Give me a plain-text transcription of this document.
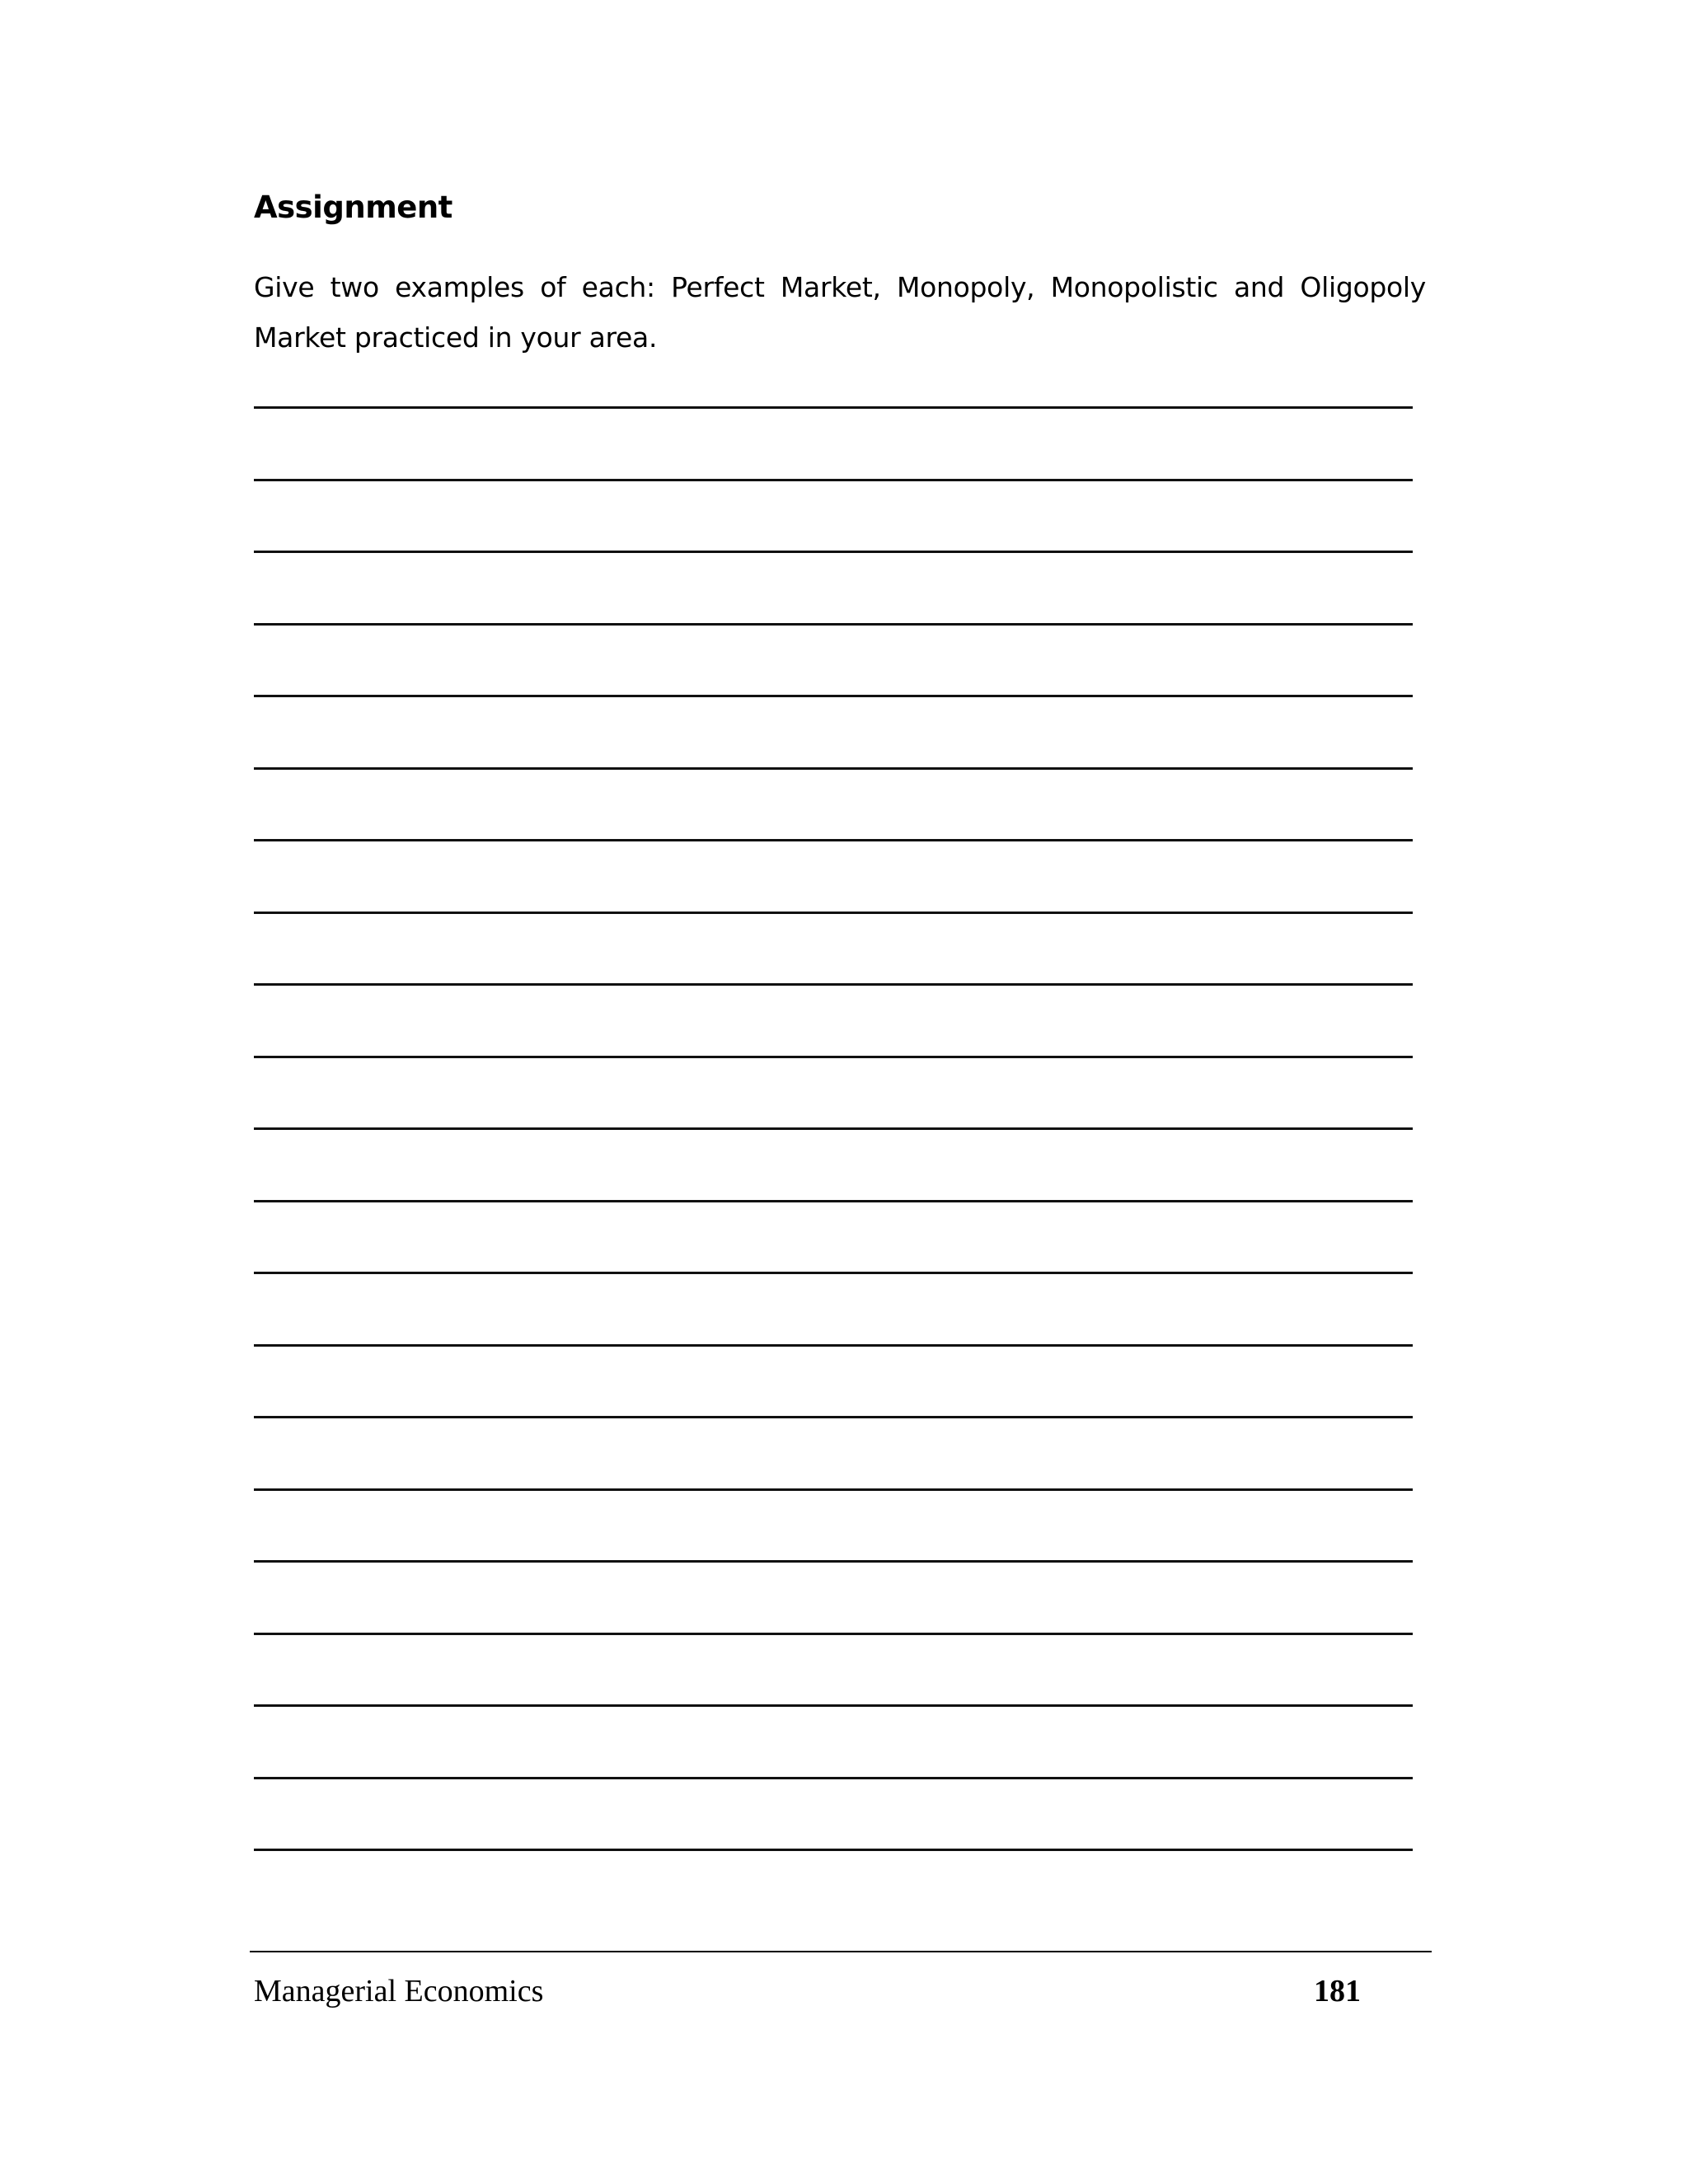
Assignment

Give two examples of each: Perfect Market, Monopoly, Monopolistic and Oligopoly Market practiced in your area.

Managerial Economics	181
